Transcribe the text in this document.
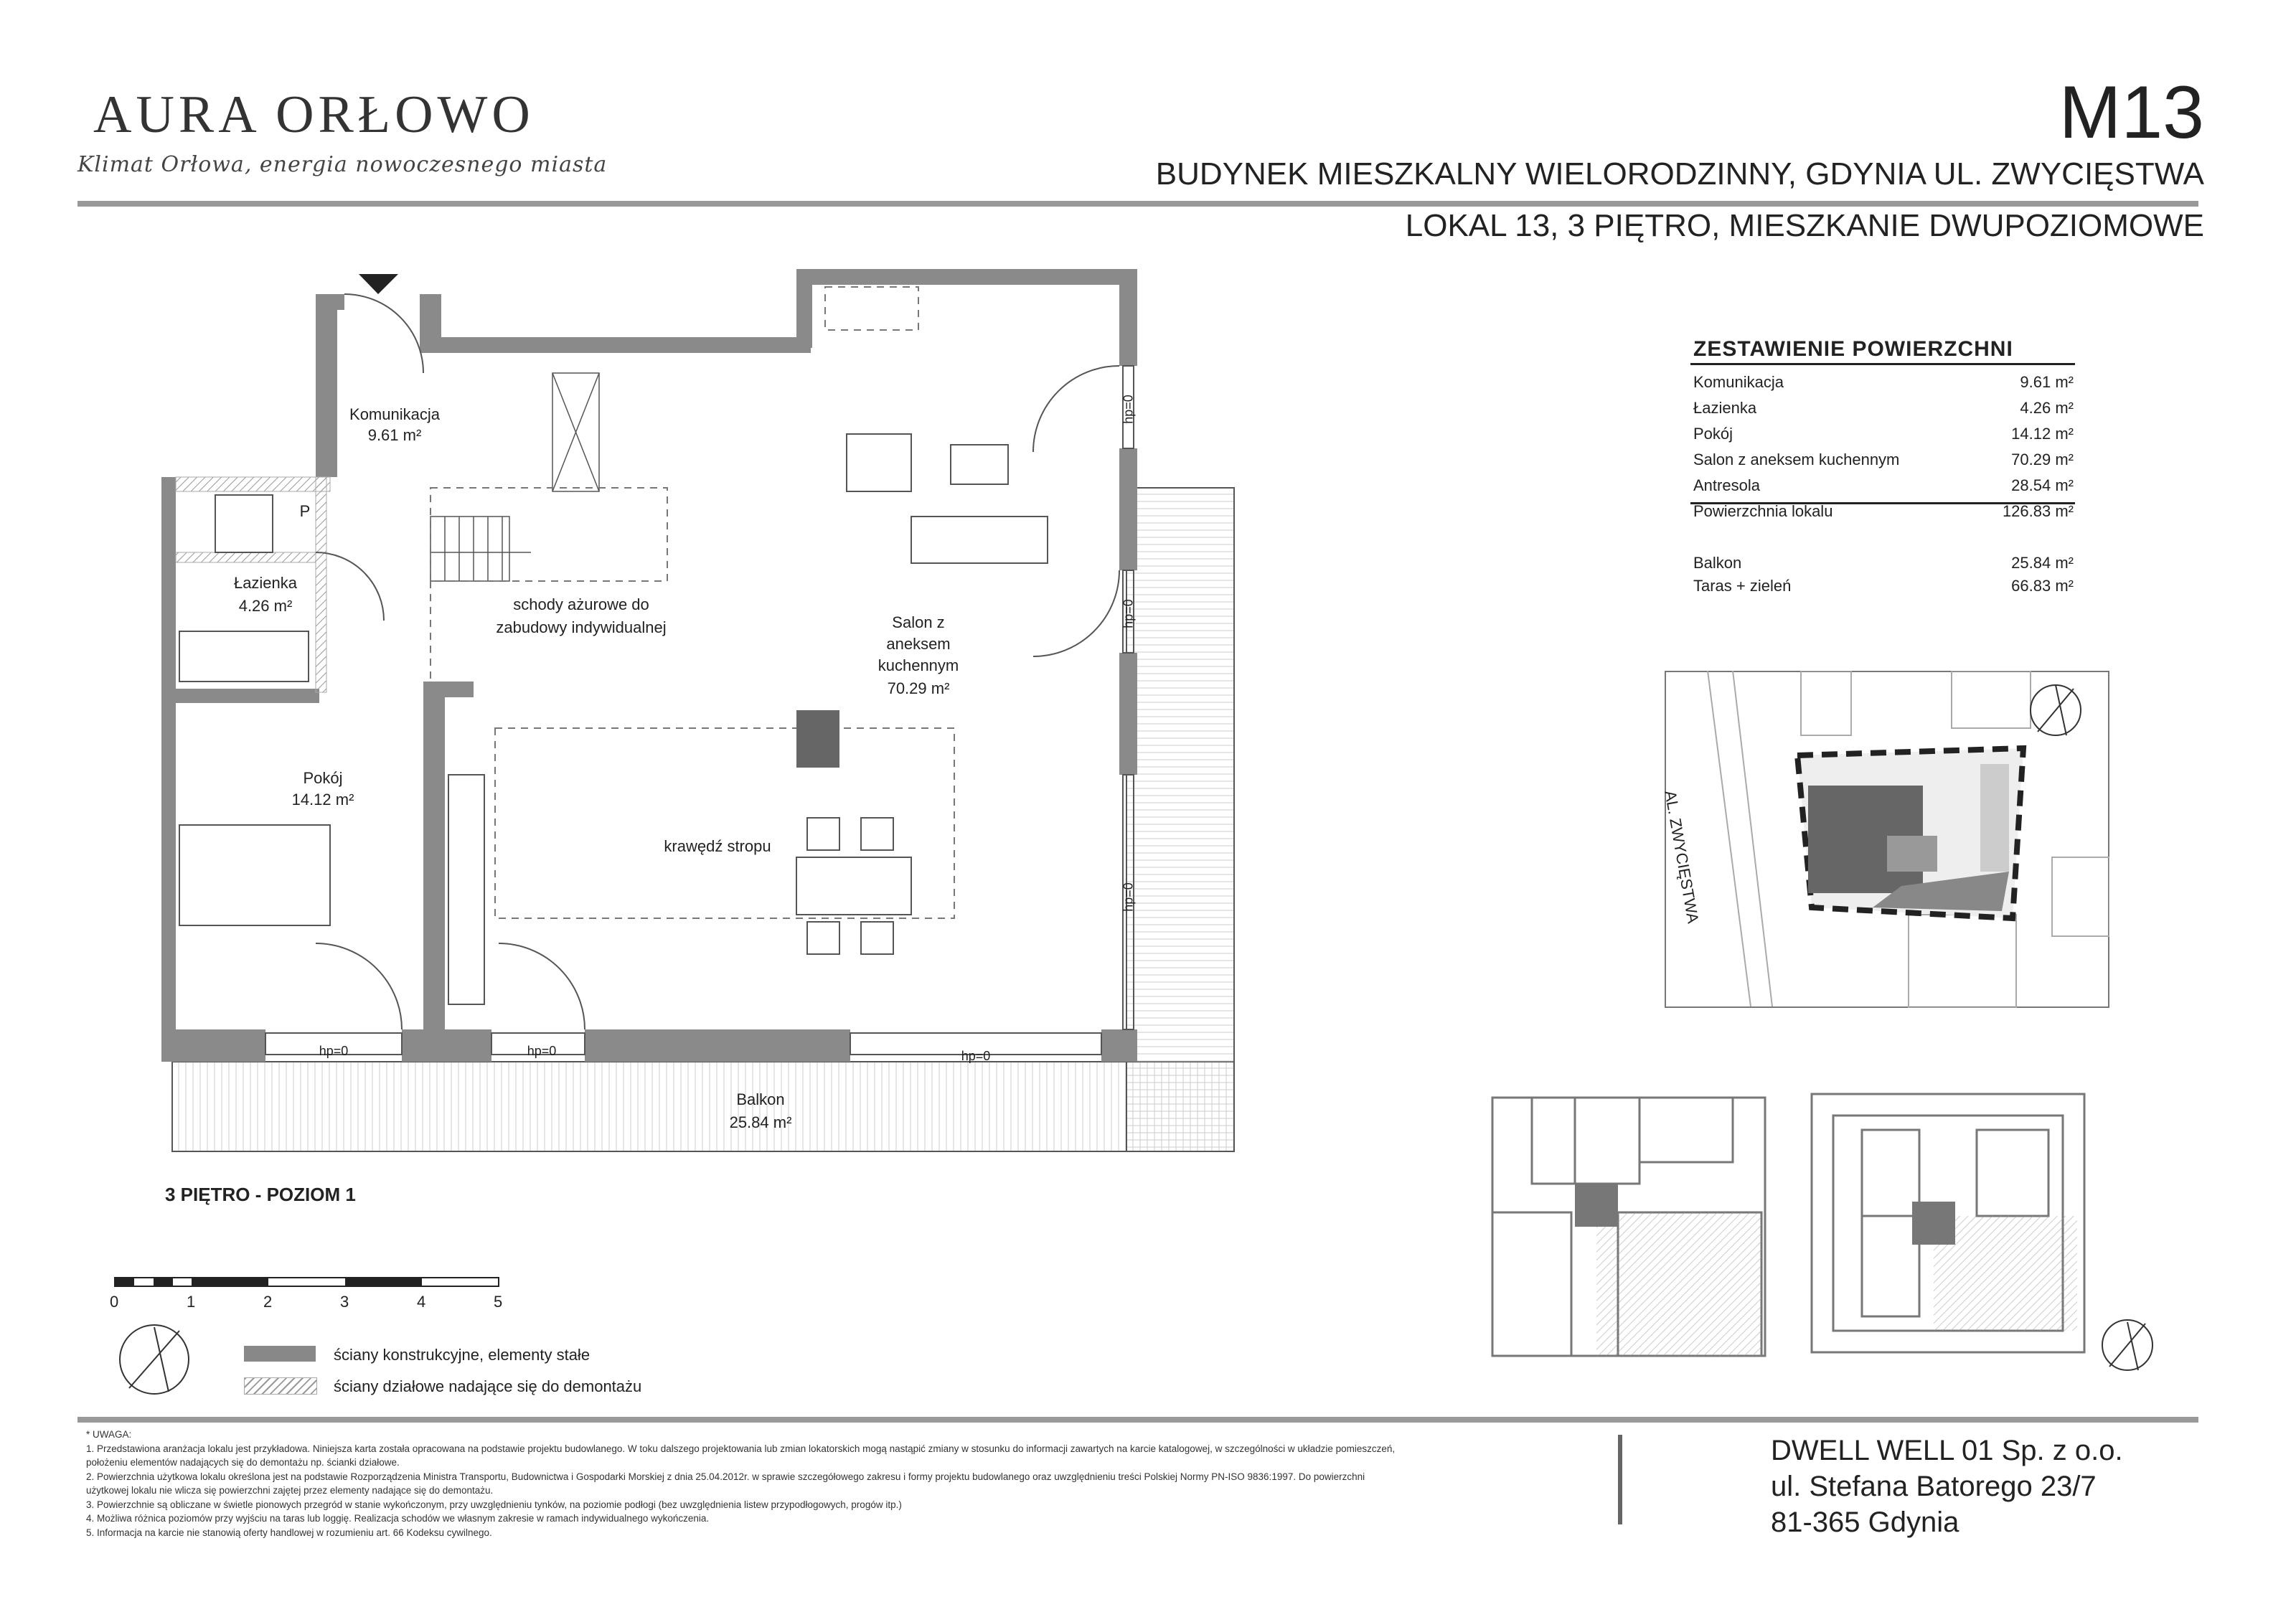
AURA ORŁOWO
Klimat Orłowa, energia nowoczesnego miasta
M13
BUDYNEK MIESZKALNY WIELORODZINNY, GDYNIA UL. ZWYCIĘSTWA
LOKAL 13, 3 PIĘTRO, MIESZKANIE DWUPOZIOMOWE
ZESTAWIENIE POWIERZCHNI
Komunikacja	9.61 m²
Łazienka	4.26 m²
Pokój	14.12 m²
Salon z aneksem kuchennym	70.29 m²
Antresola	28.54 m²
Powierzchnia lokalu	126.83 m²
Balkon	25.84 m²
Taras + zieleń	66.83 m²
Komunikacja
9.61 m²
Łazienka
4.26 m²
Pokój
14.12 m²
Salon z
aneksem
kuchennym
70.29 m²
schody ażurowe do
zabudowy indywidualnej
krawędź stropu
Balkon
25.84 m²
P
hp=0	hp=0	hp=0
hp=0
hp=0
hp=0
3 PIĘTRO - POZIOM 1
AL. ZWYCIĘSTWA
0	1	2	3	4	5
ściany konstrukcyjne, elementy stałe
ściany działowe nadające się do demontażu
* UWAGA:
1. Przedstawiona aranżacja lokalu jest przykładowa. Niniejsza karta została opracowana na podstawie projektu budowlanego. W toku dalszego projektowania lub zmian lokatorskich mogą nastąpić zmiany w stosunku do informacji zawartych na karcie katalogowej, w szczególności w układzie pomieszczeń,
położeniu elementów nadających się do demontażu np. ścianki działowe.
2. Powierzchnia użytkowa lokalu określona jest na podstawie Rozporządzenia Ministra Transportu, Budownictwa i Gospodarki Morskiej z dnia 25.04.2012r. w sprawie szczegółowego zakresu i formy projektu budowlanego oraz uwzględnieniu treści Polskiej Normy PN-ISO 9836:1997. Do powierzchni
użytkowej lokalu nie wlicza się powierzchni zajętej przez elementy nadające się do demontażu.
3. Powierzchnie są obliczane w świetle pionowych przegród w stanie wykończonym, przy uwzględnieniu tynków, na poziomie podłogi (bez uwzględnienia listew przypodłogowych, progów itp.)
4. Możliwa różnica poziomów przy wyjściu na taras lub loggię. Realizacja schodów we własnym zakresie w ramach indywidualnego wykończenia.
5. Informacja na karcie nie stanowią oferty handlowej w rozumieniu art. 66 Kodeksu cywilnego.
DWELL WELL 01 Sp. z o.o.
ul. Stefana Batorego 23/7
81-365 Gdynia
